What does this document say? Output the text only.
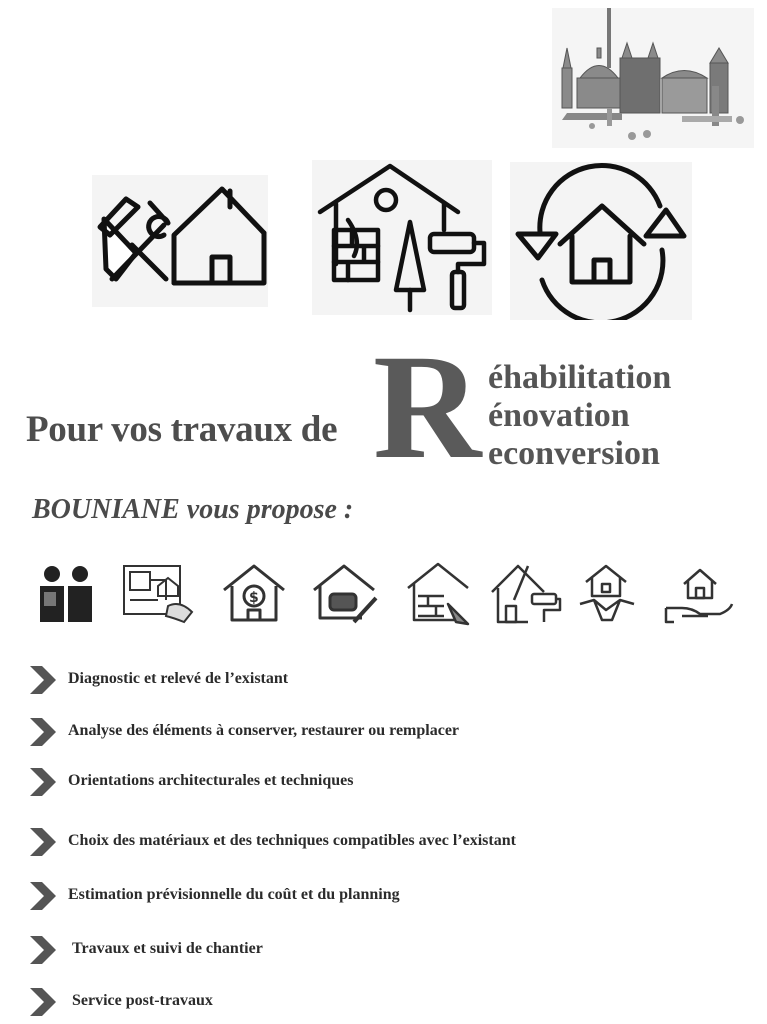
Pour vos travaux de R éhabilitation
énovation
econversion
BOUNIANE vous propose :
$
Diagnostic et relevé de l’existant
Analyse des éléments à conserver, restaurer ou remplacer
Orientations architecturales et techniques
Choix des matériaux et des techniques compatibles avec l’existant
Estimation prévisionnelle du coût et du planning
Travaux et suivi de chantier
Service post-travaux
